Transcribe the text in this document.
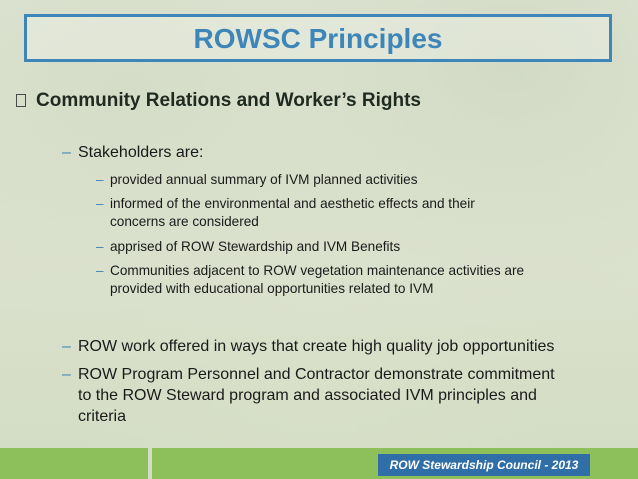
ROWSC Principles
Community Relations and Worker’s Rights
– Stakeholders are:
– provided annual summary of IVM planned activities
– informed of the environmental and aesthetic effects and their
concerns are considered
– apprised of ROW Stewardship and IVM Benefits
– Communities adjacent to ROW vegetation maintenance activities are
provided with educational opportunities related to IVM
– ROW work offered in ways that create high quality job opportunities
– ROW Program Personnel and Contractor demonstrate commitment
to the ROW Steward program and associated IVM principles and
criteria
ROW Stewardship Council - 2013
